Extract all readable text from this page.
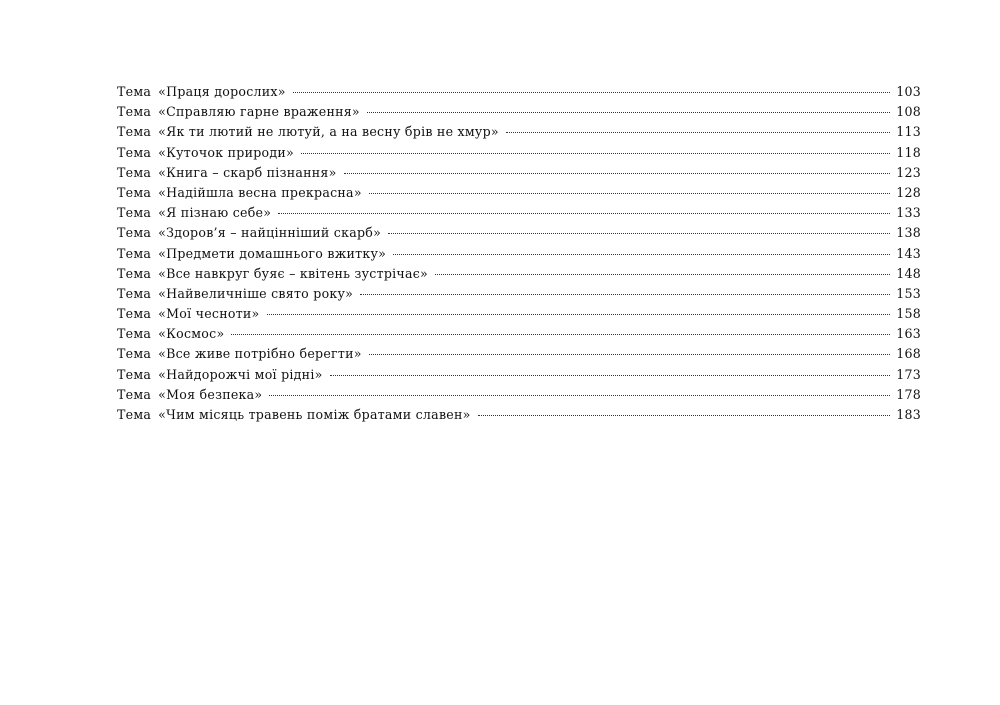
Тема «Праця дорослих»	103
Тема «Справляю гарне враження»	108
Тема «Як ти лютий не лютуй, а на весну брів не хмур»	113
Тема «Куточок природи»	118
Тема «Книга – скарб пізнання»	123
Тема «Надійшла весна прекрасна»	128
Тема «Я пізнаю себе»	133
Тема «Здоров’я – найцінніший скарб»	138
Тема «Предмети домашнього вжитку»	143
Тема «Все навкруг буяє – квітень зустрічає»	148
Тема «Найвеличніше свято року»	153
Тема «Мої чесноти»	158
Тема «Космос»	163
Тема «Все живе потрібно берегти»	168
Тема «Найдорожчі мої рідні»	173
Тема «Моя безпека»	178
Тема «Чим місяць травень поміж братами славен»	183
